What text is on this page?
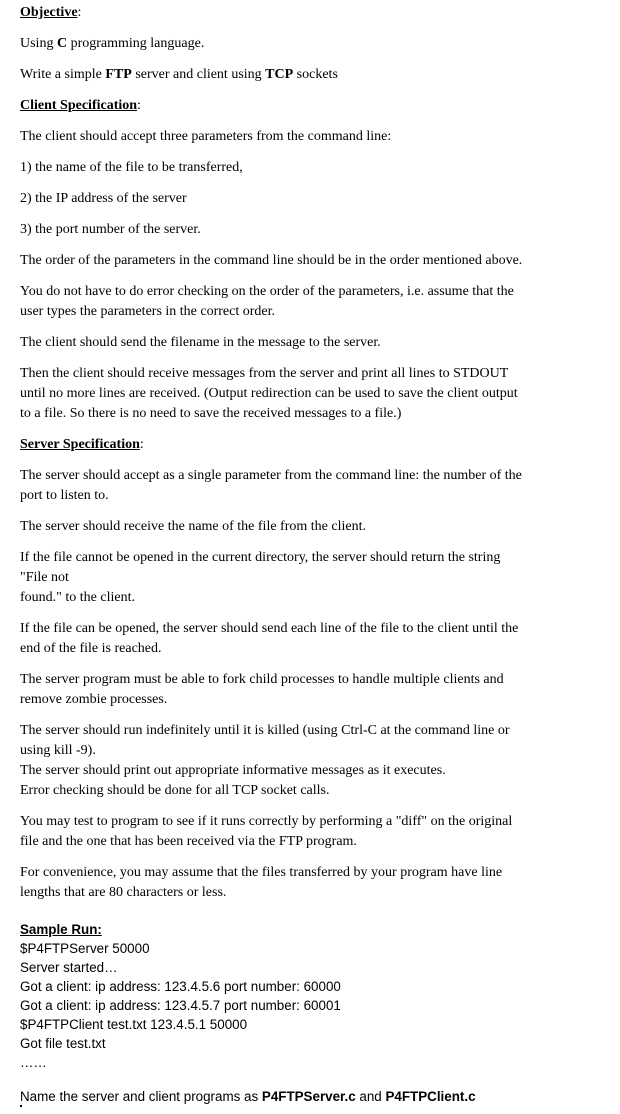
Objective:

Using C programming language.

Write a simple FTP server and client using TCP sockets

Client Specification:

The client should accept three parameters from the command line:

1) the name of the file to be transferred,

2) the IP address of the server

3) the port number of the server.

The order of the parameters in the command line should be in the order mentioned above.

You do not have to do error checking on the order of the parameters, i.e. assume that the

user types the parameters in the correct order.

The client should send the filename in the message to the server.

Then the client should receive messages from the server and print all lines to STDOUT

until no more lines are received. (Output redirection can be used to save the client output

to a file. So there is no need to save the received messages to a file.)

Server Specification:

The server should accept as a single parameter from the command line: the number of the

port to listen to.

The server should receive the name of the file from the client.

If the file cannot be opened in the current directory, the server should return the string

"File not

found." to the client.

If the file can be opened, the server should send each line of the file to the client until the

end of the file is reached.

The server program must be able to fork child processes to handle multiple clients and

remove zombie processes.

The server should run indefinitely until it is killed (using Ctrl-C at the command line or

using kill -9).

The server should print out appropriate informative messages as it executes.

Error checking should be done for all TCP socket calls.

You may test to program to see if it runs correctly by performing a "diff" on the original

file and the one that has been received via the FTP program.

For convenience, you may assume that the files transferred by your program have line

lengths that are 80 characters or less.

Sample Run:

$P4FTPServer 50000

Server started…

Got a client: ip address: 123.4.5.6 port number: 60000

Got a client: ip address: 123.4.5.7 port number: 60001

$P4FTPClient test.txt 123.4.5.1 50000

Got file test.txt

……

Name the server and client programs as P4FTPServer.c and P4FTPClient.c
